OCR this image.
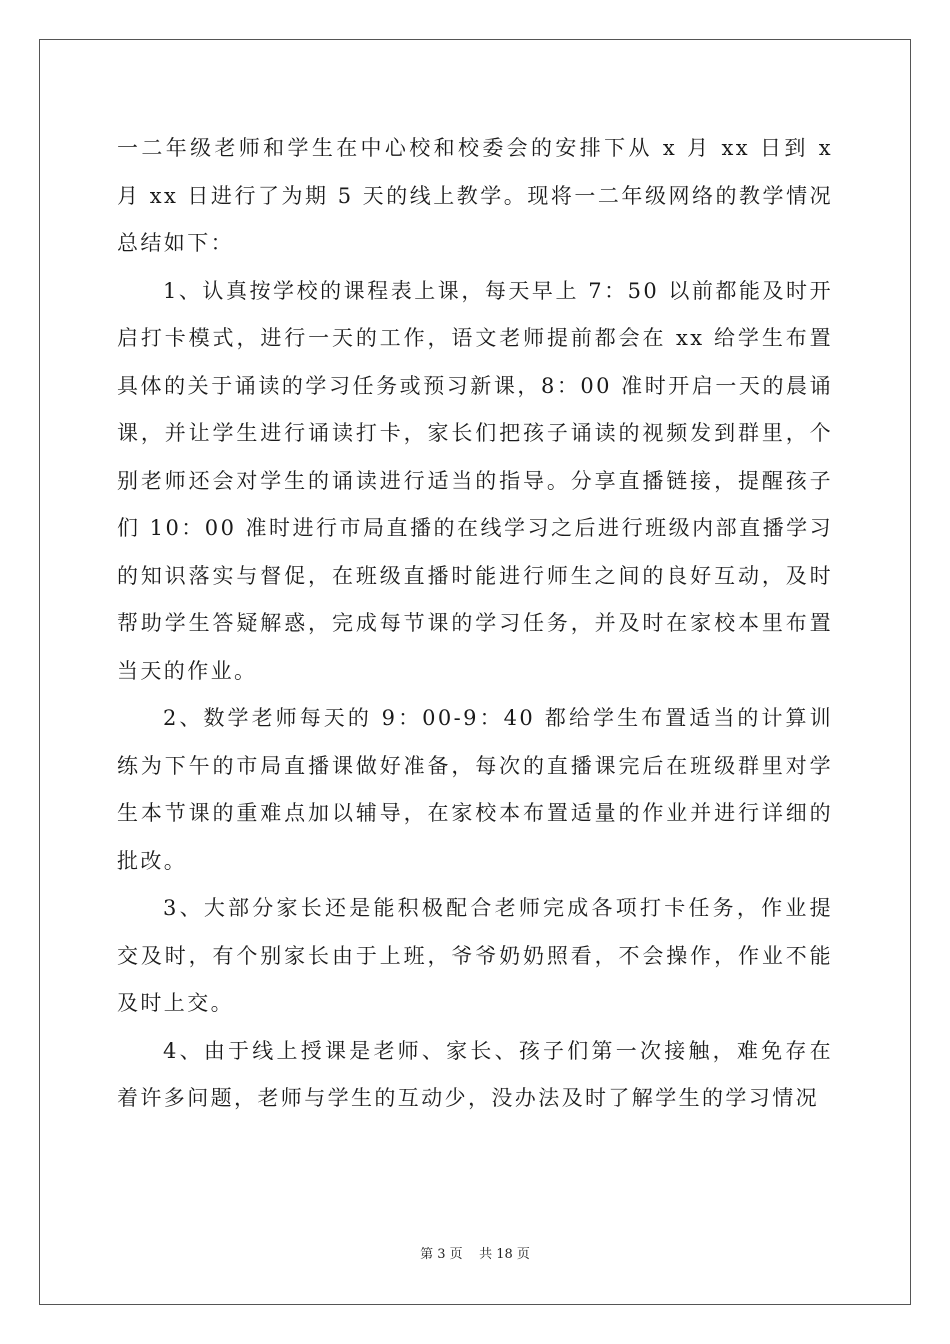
一二年级老师和学生在中心校和校委会的安排下从 x 月 xx 日到 x 月 xx 日进行了为期 5 天的线上教学。现将一二年级网络的教学情况总结如下：

1、认真按学校的课程表上课，每天早上 7：50 以前都能及时开启打卡模式，进行一天的工作，语文老师提前都会在 xx 给学生布置具体的关于诵读的学习任务或预习新课，8：00 准时开启一天的晨诵课，并让学生进行诵读打卡，家长们把孩子诵读的视频发到群里，个别老师还会对学生的诵读进行适当的指导。分享直播链接，提醒孩子们 10：00 准时进行市局直播的在线学习之后进行班级内部直播学习的知识落实与督促，在班级直播时能进行师生之间的良好互动，及时帮助学生答疑解惑，完成每节课的学习任务，并及时在家校本里布置当天的作业。

2、数学老师每天的 9：00-9：40 都给学生布置适当的计算训练为下午的市局直播课做好准备，每次的直播课完后在班级群里对学生本节课的重难点加以辅导，在家校本布置适量的作业并进行详细的批改。

3、大部分家长还是能积极配合老师完成各项打卡任务，作业提交及时，有个别家长由于上班，爷爷奶奶照看，不会操作，作业不能及时上交。

4、由于线上授课是老师、家长、孩子们第一次接触，难免存在着许多问题，老师与学生的互动少，没办法及时了解学生的学习情况

第 3 页    共 18 页
